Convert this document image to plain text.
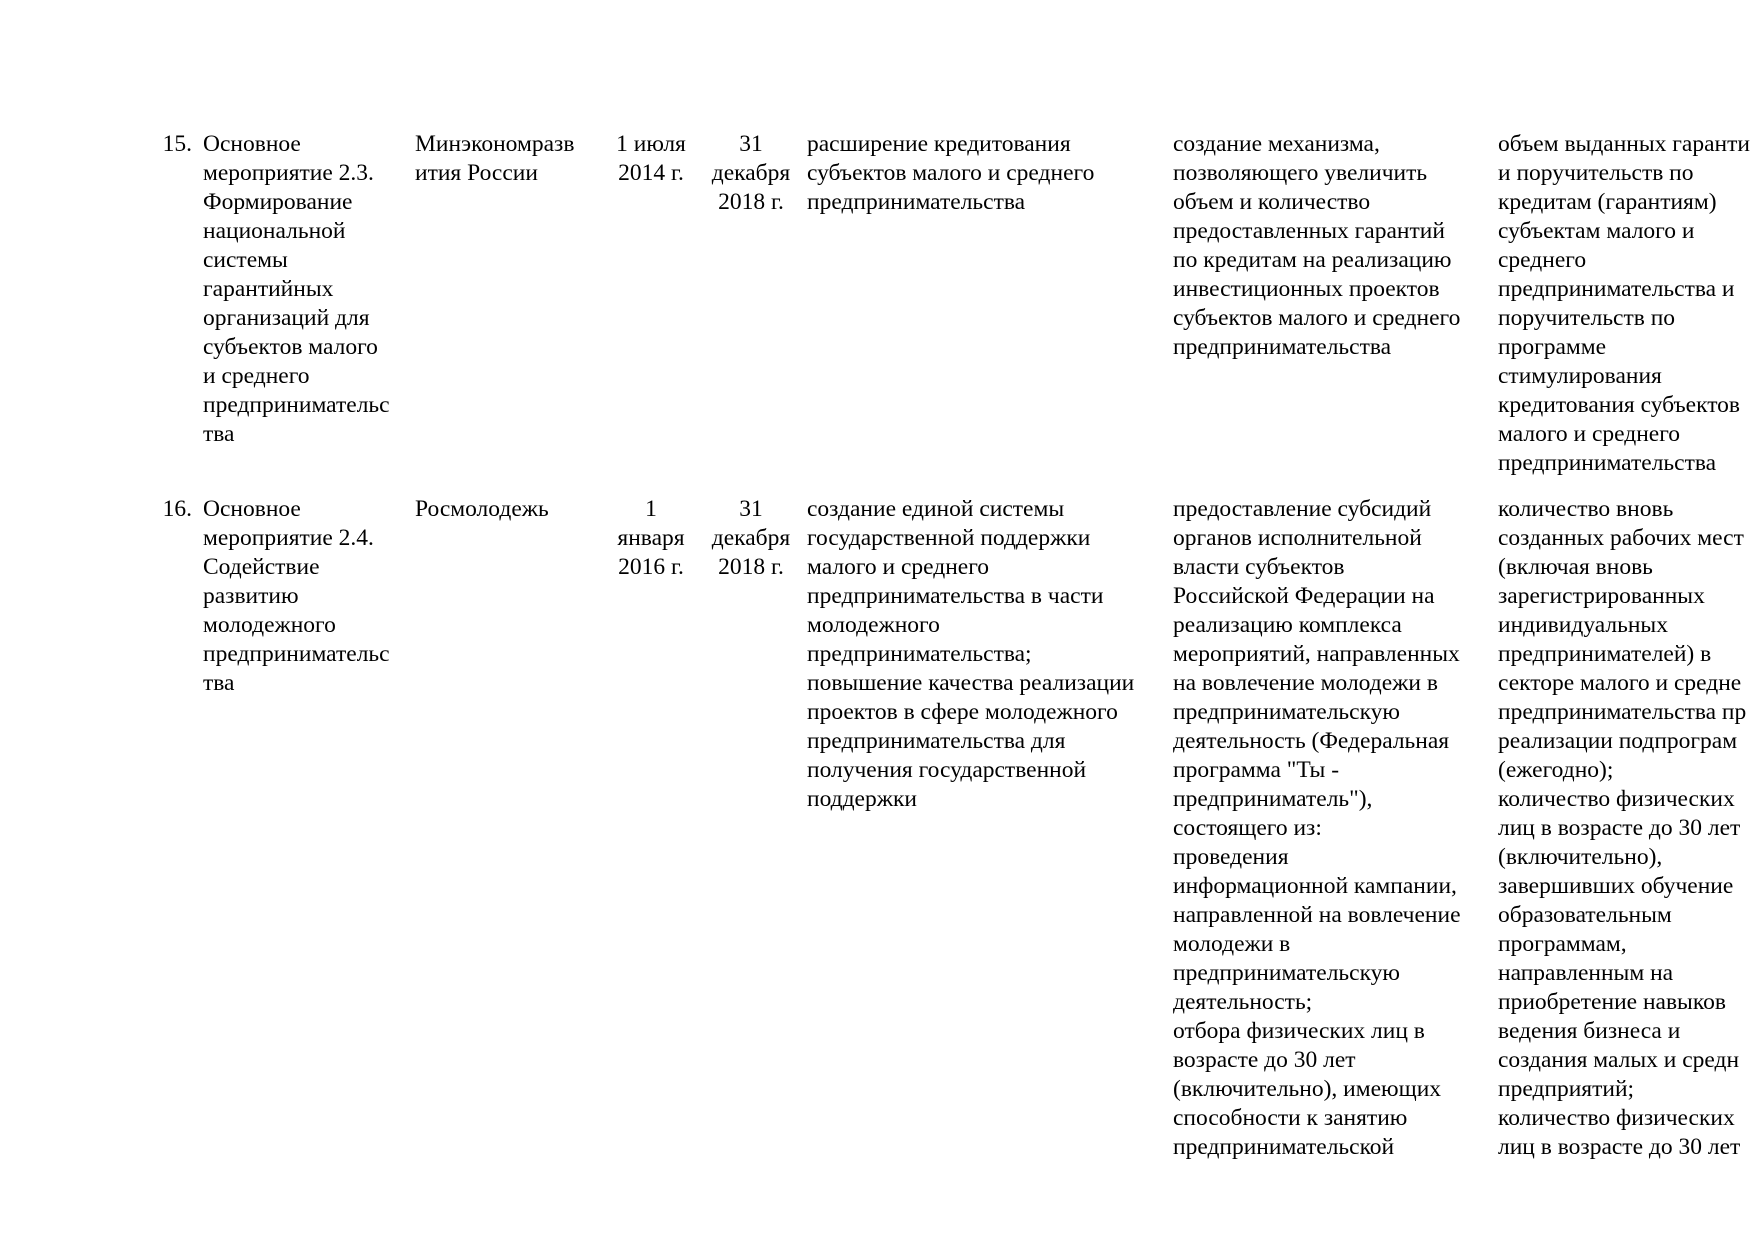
15. Основное
мероприятие 2.3.
Формирование
национальной
системы
гарантийных
организаций для
субъектов малого
и среднего
предпринимательс
тва

Минэкономразв
ития России

1 июля
2014 г.

31
декабря
2018 г.

расширение кредитования
субъектов малого и среднего
предпринимательства

создание механизма,
позволяющего увеличить
объем и количество
предоставленных гарантий
по кредитам на реализацию
инвестиционных проектов
субъектов малого и среднего
предпринимательства

объем выданных гаранти
и поручительств по
кредитам (гарантиям)
субъектам малого и
среднего
предпринимательства и
поручительств по
программе
стимулирования
кредитования субъектов
малого и среднего
предпринимательства

16. Основное
мероприятие 2.4.
Содействие
развитию
молодежного
предпринимательс
тва

Росмолодежь	1
января
2016 г.

31
декабря
2018 г.

создание единой системы
государственной поддержки
малого и среднего
предпринимательства в части
молодежного
предпринимательства;
повышение качества реализации
проектов в сфере молодежного
предпринимательства для
получения государственной
поддержки

предоставление субсидий
органов исполнительной
власти субъектов
Российской Федерации на
реализацию комплекса
мероприятий, направленных
на вовлечение молодежи в
предпринимательскую
деятельность (Федеральная
программа "Ты -
предприниматель"),
состоящего из:
проведения
информационной кампании,
направленной на вовлечение
молодежи в
предпринимательскую
деятельность;
отбора физических лиц в
возрасте до 30 лет
(включительно), имеющих
способности к занятию
предпринимательской

количество вновь
созданных рабочих мест
(включая вновь
зарегистрированных
индивидуальных
предпринимателей) в
секторе малого и средне
предпринимательства пр
реализации подпрограм
(ежегодно);
количество физических
лиц в возрасте до 30 лет
(включительно),
завершивших обучение
образовательным
программам,
направленным на
приобретение навыков
ведения бизнеса и
создания малых и средн
предприятий;
количество физических
лиц в возрасте до 30 лет
